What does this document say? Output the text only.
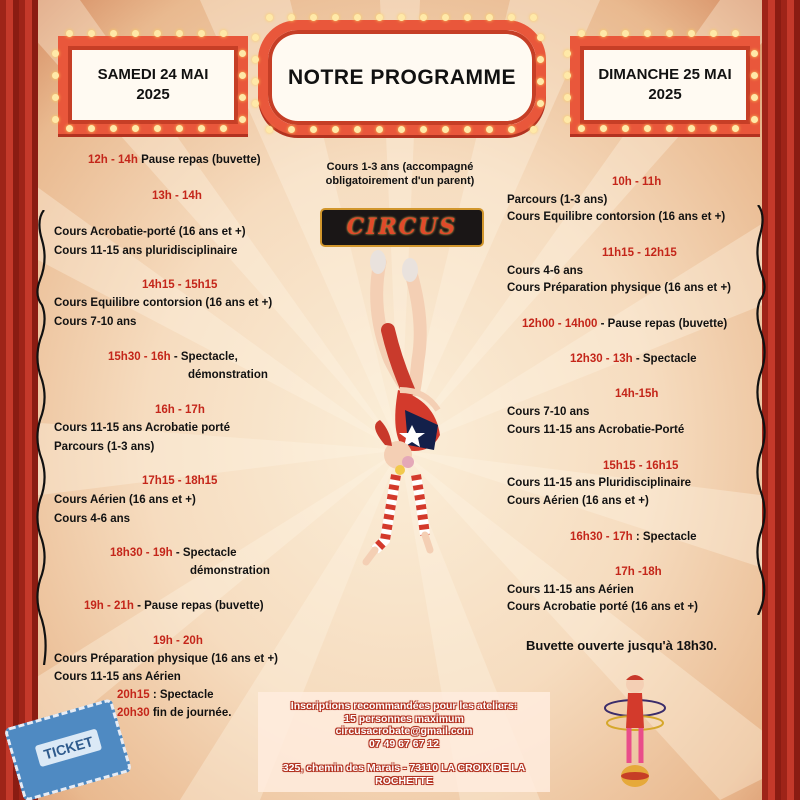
SAMEDI 24 MAI
2025
NOTRE PROGRAMME	DIMANCHE 25 MAI
2025
12h - 14h Pause repas (buvette)
13h - 14h
Cours Acrobatie-porté (16 ans et +)
Cours 11-15 ans pluridisciplinaire
14h15 - 15h15
Cours Equilibre contorsion (16 ans et +)
Cours 7-10 ans
15h30 - 16h - Spectacle,
démonstration
16h - 17h
Cours 11-15 ans Acrobatie porté
Parcours (1-3 ans)
17h15 - 18h15
Cours Aérien (16 ans et +)
Cours 4-6 ans
18h30 - 19h - Spectacle
démonstration
19h - 21h - Pause repas (buvette)
19h - 20h
Cours Préparation physique (16 ans et +)
Cours 11-15 ans Aérien
20h15 : Spectacle
20h30 fin de journée.
Cours 1-3 ans (accompagné
obligatoirement d'un parent)
CIRCUS
10h - 11h
Parcours (1-3 ans)
Cours Equilibre contorsion (16 ans et +)
11h15 - 12h15
Cours 4-6 ans
Cours Préparation physique (16 ans et +)
12h00 - 14h00 - Pause repas (buvette)
12h30 - 13h - Spectacle
14h-15h
Cours 7-10 ans
Cours 11-15 ans Acrobatie-Porté
15h15 - 16h15
Cours 11-15 ans Pluridisciplinaire
Cours Aérien (16 ans et +)
16h30 - 17h : Spectacle
17h -18h
Cours 11-15 ans Aérien
Cours Acrobatie porté (16 ans et +)
Buvette ouverte jusqu'à 18h30.
Inscriptions recommandées pour les ateliers:
15 personnes maximum
circusacrobate@gmail.com
07 49 67 67 12
325, chemin des Marais - 73110 LA CROIX DE LA
ROCHETTE
TICKET
